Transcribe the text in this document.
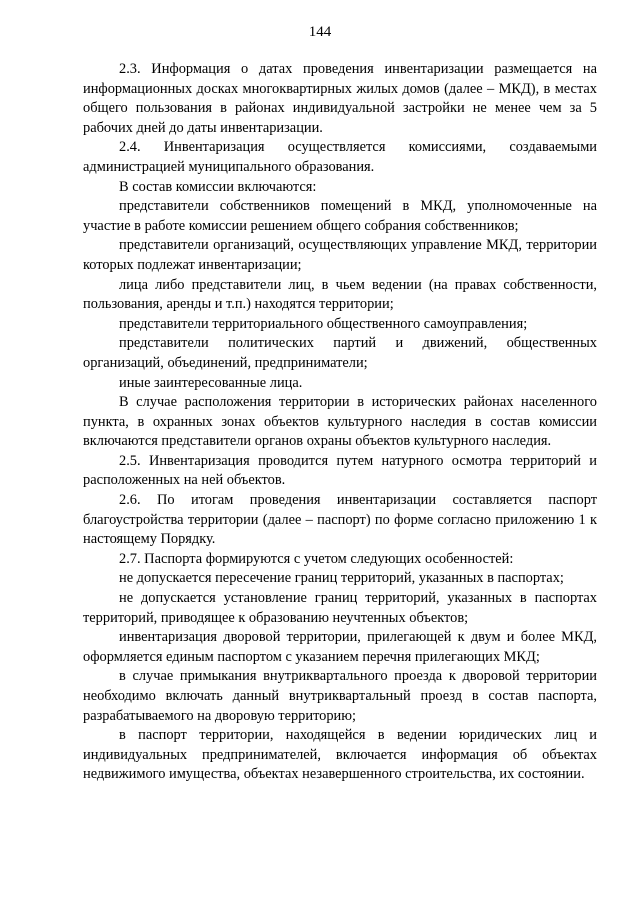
144

2.3. Информация о датах проведения инвентаризации размещается на информационных досках многоквартирных жилых домов (далее – МКД), в местах общего пользования в районах индивидуальной застройки не менее чем за 5 рабочих дней до даты инвентаризации.

2.4. Инвентаризация осуществляется комиссиями, создаваемыми администрацией муниципального образования.

В состав комиссии включаются:

представители собственников помещений в МКД, уполномоченные на участие в работе комиссии решением общего собрания собственников;

представители организаций, осуществляющих управление МКД, территории которых подлежат инвентаризации;

лица либо представители лиц, в чьем ведении (на правах собственности, пользования, аренды и т.п.) находятся территории;

представители территориального общественного самоуправления;

представители политических партий и движений, общественных организаций, объединений, предприниматели;

иные заинтересованные лица.

В случае расположения территории в исторических районах населенного пункта, в охранных зонах объектов культурного наследия в состав комиссии включаются представители органов охраны объектов культурного наследия.

2.5. Инвентаризация проводится путем натурного осмотра территорий и расположенных на ней объектов.

2.6. По итогам проведения инвентаризации составляется паспорт благоустройства территории (далее – паспорт) по форме согласно приложению 1 к настоящему Порядку.

2.7. Паспорта формируются с учетом следующих особенностей:

не допускается пересечение границ территорий, указанных в паспортах;

не допускается установление границ территорий, указанных в паспортах территорий, приводящее к образованию неучтенных объектов;

инвентаризация дворовой территории, прилегающей к двум и более МКД, оформляется единым паспортом с указанием перечня прилегающих МКД;

в случае примыкания внутриквартального проезда к дворовой территории необходимо включать данный внутриквартальный проезд в состав паспорта, разрабатываемого на дворовую территорию;

в паспорт территории, находящейся в ведении юридических лиц и индивидуальных предпринимателей, включается информация об объектах недвижимого имущества, объектах незавершенного строительства, их состоянии.
